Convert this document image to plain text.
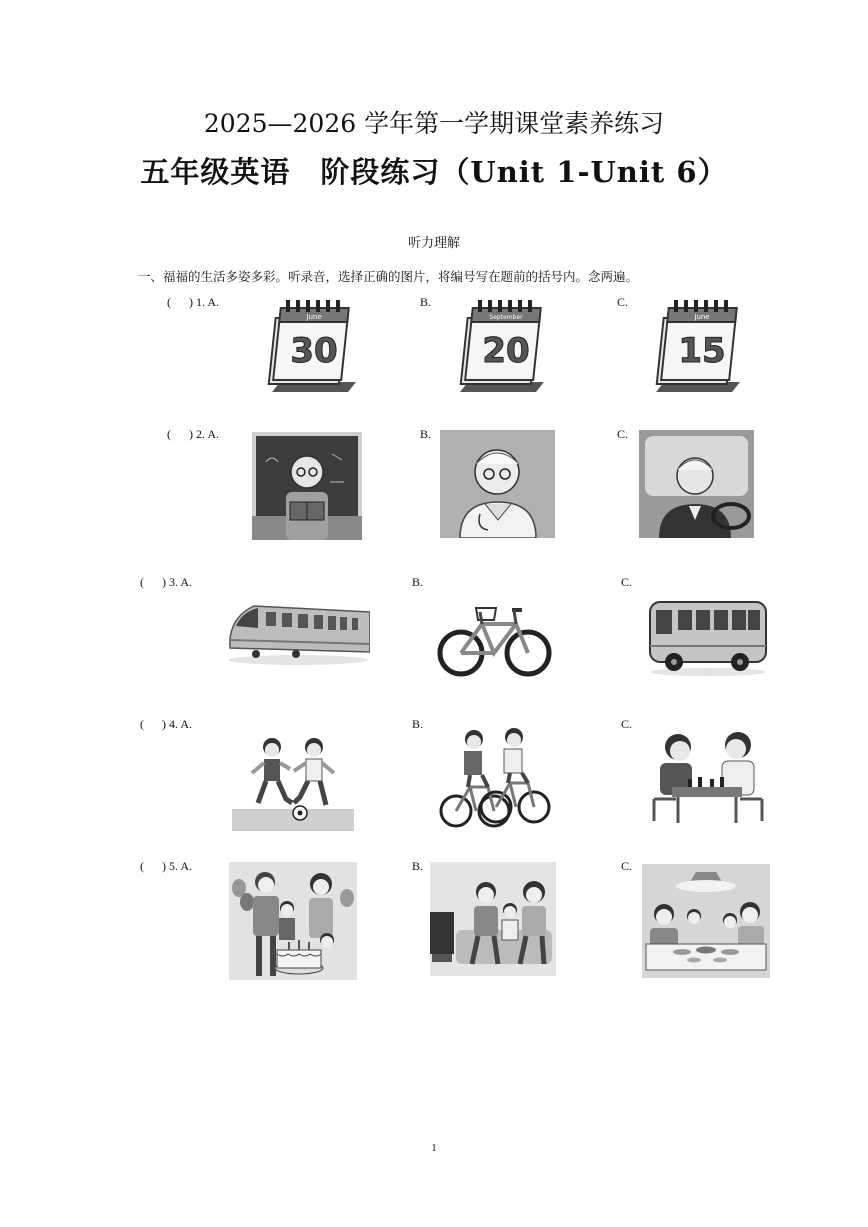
2025—2026 学年第一学期课堂素养练习
五年级英语　阶段练习（Unit 1-Unit 6）
听力理解
一、福福的生活多姿多彩。听录音，选择正确的图片，将编号写在题前的括号内。念两遍。
(      ) 1. A.	B.	C.
June
30
September
20
June
15
(      ) 2. A.	B.	C.
(      ) 3. A.	B.	C.
(      ) 4. A.	B.	C.
(      ) 5. A.	B.	C.
1
